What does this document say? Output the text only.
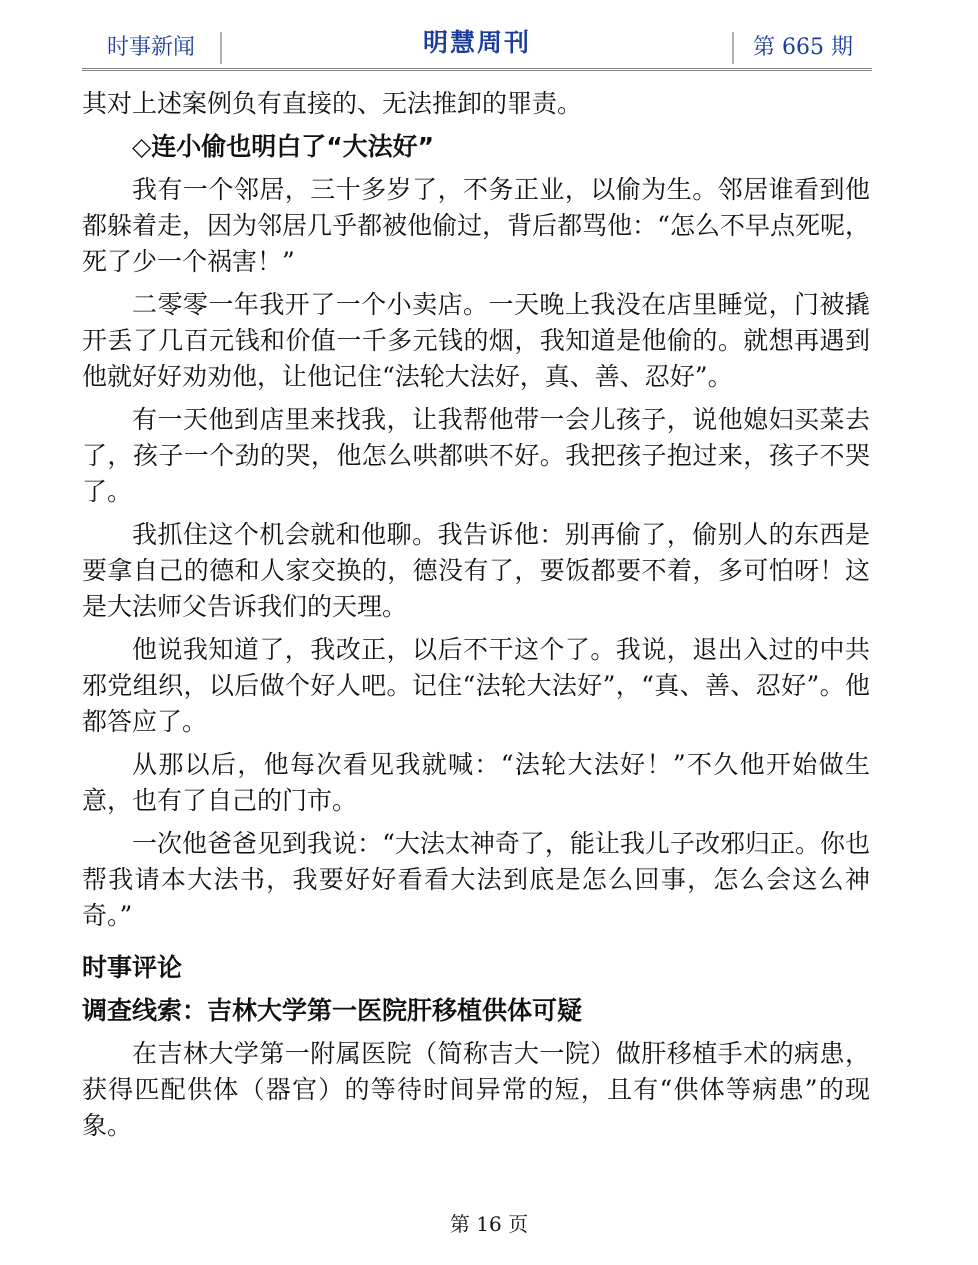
时事新闻	明慧周刊	第 665 期

其对上述案例负有直接的、无法推卸的罪责。

◇连小偷也明白了“大法好”

我有一个邻居，三十多岁了，不务正业，以偷为生。邻居谁看到他都躲着走，因为邻居几乎都被他偷过，背后都骂他：“怎么不早点死呢，死了少一个祸害！”

二零零一年我开了一个小卖店。一天晚上我没在店里睡觉，门被撬开丢了几百元钱和价值一千多元钱的烟，我知道是他偷的。就想再遇到他就好好劝劝他，让他记住“法轮大法好，真、善、忍好”。

有一天他到店里来找我，让我帮他带一会儿孩子，说他媳妇买菜去了，孩子一个劲的哭，他怎么哄都哄不好。我把孩子抱过来，孩子不哭了。

我抓住这个机会就和他聊。我告诉他：别再偷了，偷别人的东西是要拿自己的德和人家交换的，德没有了，要饭都要不着，多可怕呀！这是大法师父告诉我们的天理。

他说我知道了，我改正，以后不干这个了。我说，退出入过的中共邪党组织，以后做个好人吧。记住“法轮大法好”，“真、善、忍好”。他都答应了。

从那以后，他每次看见我就喊：“法轮大法好！”不久他开始做生意，也有了自己的门市。

一次他爸爸见到我说：“大法太神奇了，能让我儿子改邪归正。你也帮我请本大法书，我要好好看看大法到底是怎么回事，怎么会这么神奇。”

时事评论
调查线索：吉林大学第一医院肝移植供体可疑

在吉林大学第一附属医院（简称吉大一院）做肝移植手术的病患，获得匹配供体（器官）的等待时间异常的短，且有“供体等病患”的现象。

第 16 页
